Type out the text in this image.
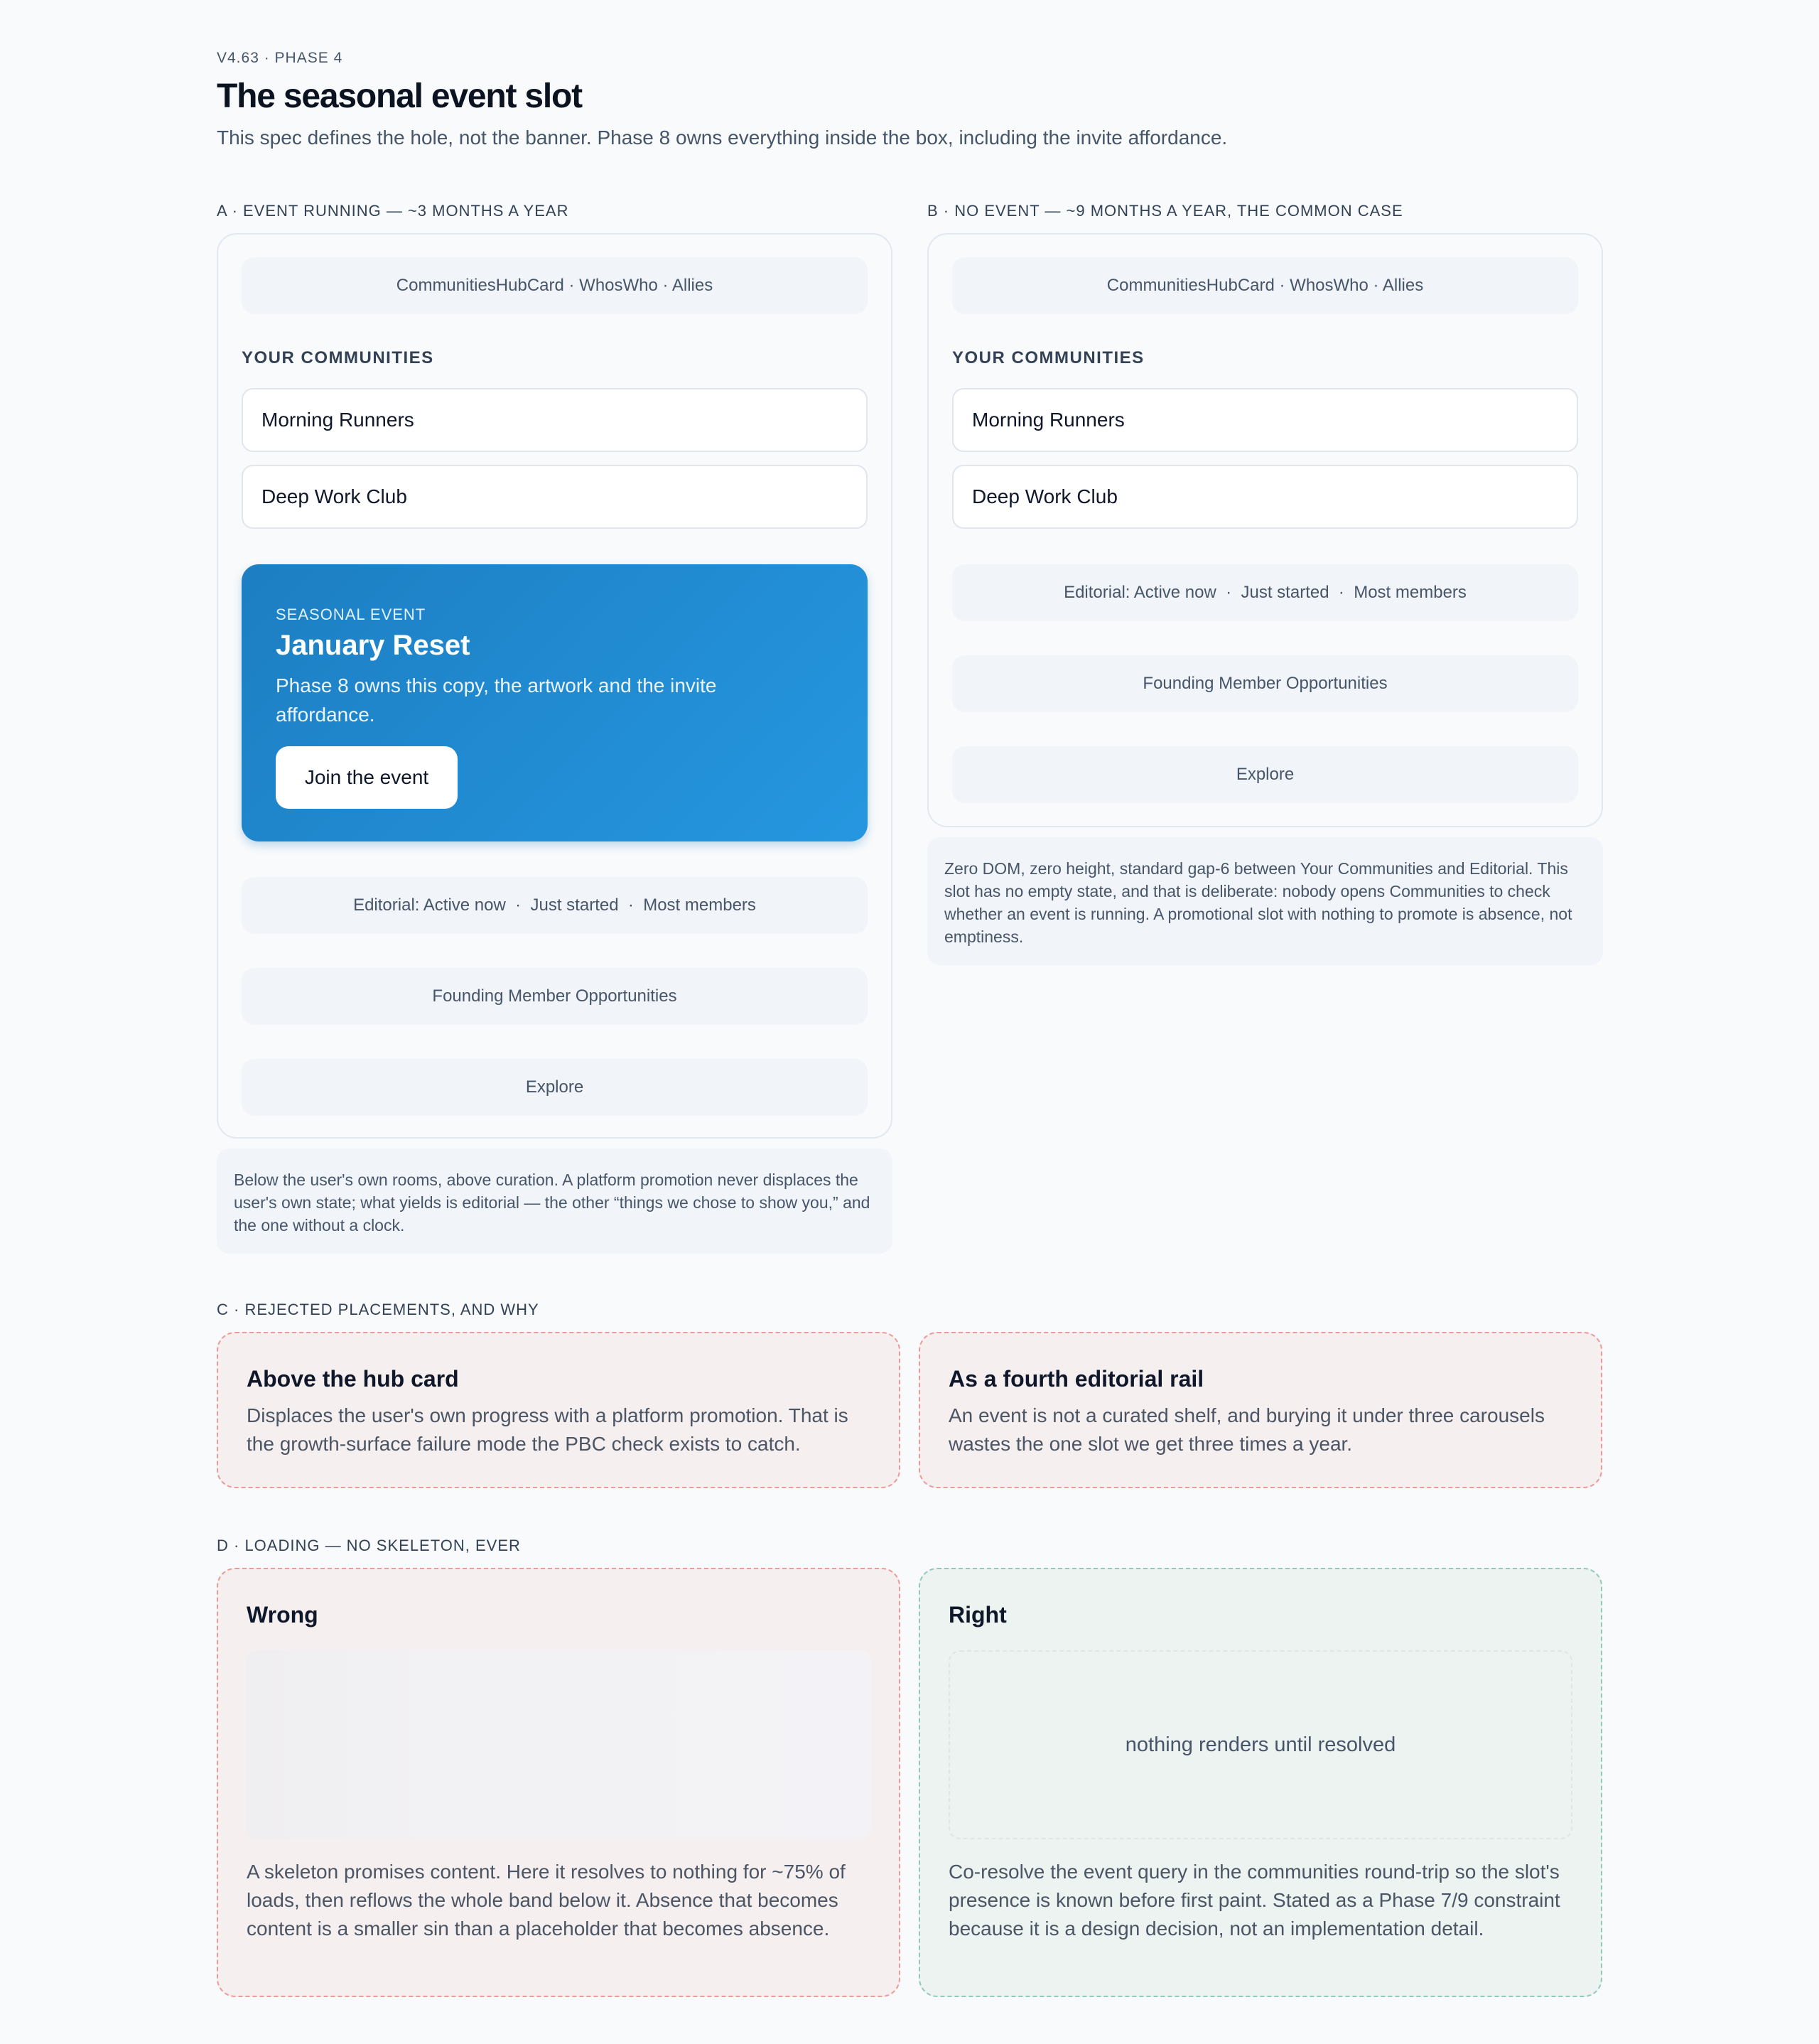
V4.63 · PHASE 4
The seasonal event slot

This spec defines the hole, not the banner. Phase 8 owns everything inside the box, including the invite affordance.

A · EVENT RUNNING — ~3 MONTHS A YEAR
CommunitiesHubCard · WhosWho · Allies
YOUR COMMUNITIES
Morning Runners
Deep Work Club
SEASONAL EVENT
January Reset
Phase 8 owns this copy, the artwork and the invite affordance.
Join the event
Editorial: Active now  ·  Just started  ·  Most members
Founding Member Opportunities
Explore
Below the user's own rooms, above curation. A platform promotion never displaces the user's own state; what yields is editorial — the other “things we chose to show you,” and the one without a clock.
B · NO EVENT — ~9 MONTHS A YEAR, THE COMMON CASE
CommunitiesHubCard · WhosWho · Allies
YOUR COMMUNITIES
Morning Runners
Deep Work Club
Editorial: Active now  ·  Just started  ·  Most members
Founding Member Opportunities
Explore
Zero DOM, zero height, standard gap-6 between Your Communities and Editorial. This slot has no empty state, and that is deliberate: nobody opens Communities to check whether an event is running. A promotional slot with nothing to promote is absence, not emptiness.
C · REJECTED PLACEMENTS, AND WHY
Above the hub card
Displaces the user's own progress with a platform promotion. That is the growth-surface failure mode the PBC check exists to catch.
As a fourth editorial rail
An event is not a curated shelf, and burying it under three carousels wastes the one slot we get three times a year.
D · LOADING — NO SKELETON, EVER
Wrong
A skeleton promises content. Here it resolves to nothing for ~75% of loads, then reflows the whole band below it. Absence that becomes content is a smaller sin than a placeholder that becomes absence.
Right
nothing renders until resolved
Co-resolve the event query in the communities round-trip so the slot's presence is known before first paint. Stated as a Phase 7/9 constraint because it is a design decision, not an implementation detail.
